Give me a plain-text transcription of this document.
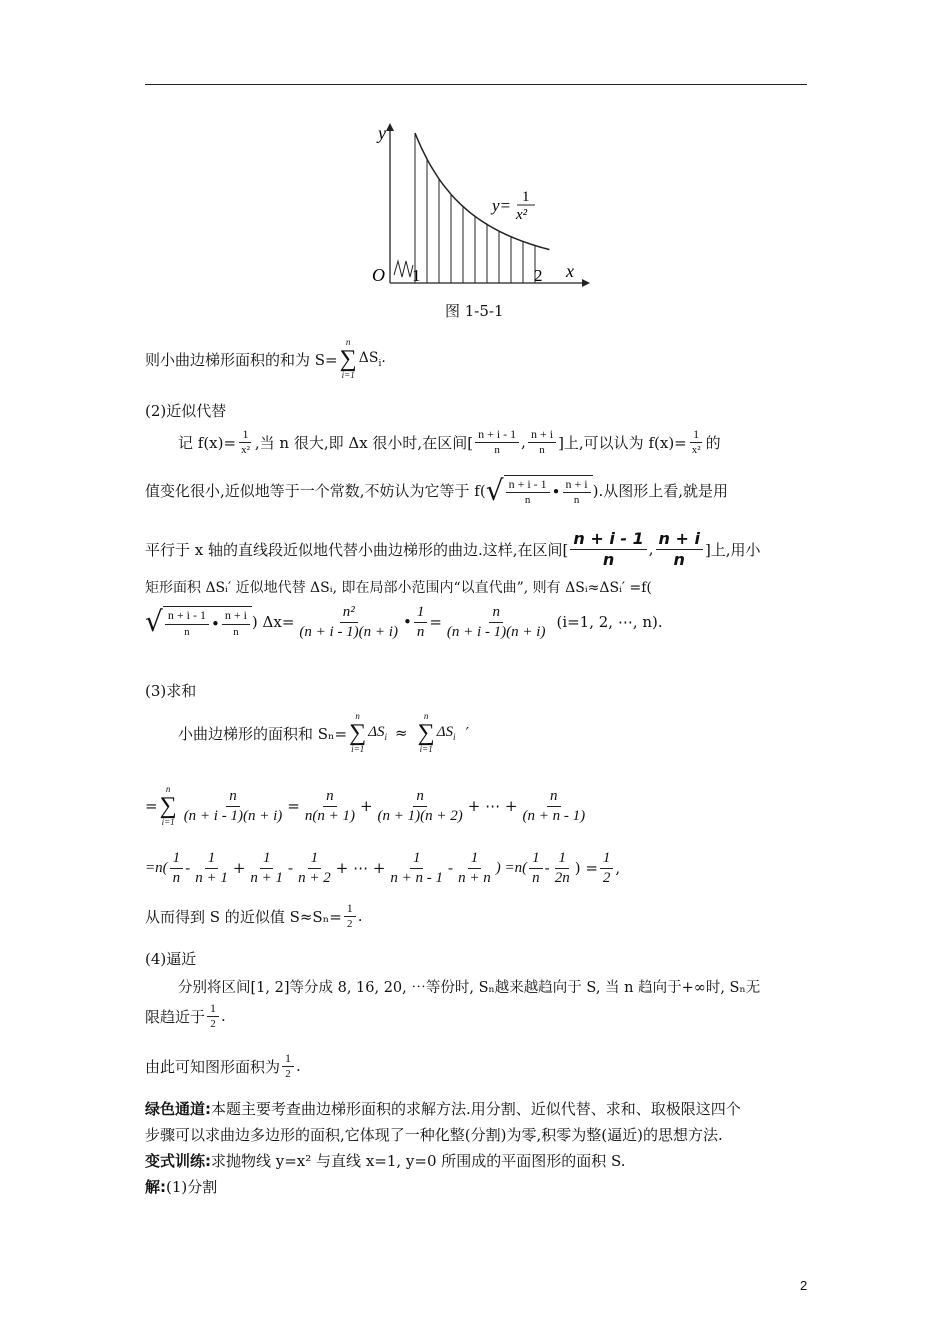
y
x
O 1	2
y= 1
x²
图 1-5-1
则小曲边梯形面积的和为 S=
n
∑
i=1
$\Delta S_i$.
(2)近似代替
记 $f(x)= \frac{1}{\text{x²}}$ ,当 n 很大,即 Δx 很小时,在区间[ $\frac{n + i - 1}{n}$ , $\frac{n + i}{n}$ ]上,可以认为 $f(x)= \frac{1}{\text{x²}}$ 的
值变化很小,近似地等于一个常数,不妨认为它等于 f( √ $\frac{n + i - 1}{n}$ • $\frac{n + i}{n}$ ).从图形上看,就是用
平行于 x 轴的直线段近似地代替小曲边梯形的曲边.这样,在区间[ $\frac{n + i - 1}{n}$ , $\frac{n + i}{n}$ ]上,用小
矩形面积 ΔSᵢ′ 近似地代替 ΔSᵢ, 即在局部小范围内“以直代曲”, 则有 ΔSᵢ≈ΔSᵢ′ =f(
√ $\frac{n + i - 1}{n}$ • $\frac{n + i}{n}$ ) $\Delta x= \frac{\text{n²}}{(n + i - 1)(n + i)}$ • $\frac{1}{n} = \frac{n}{(n + i - 1)(n + i)} (i=1$, 2, ⋯, n).
(3)求和
小曲边梯形的面积和 Sₙ=
n
∑
i=1
$\Delta S_i$ ≈
n
∑
i=1
$\Delta S_i$ ′
=
n
∑
$i=1 \frac{n}{(n + i - 1)(n + i)} = \frac{n}{n(n + 1)} + \frac{n}{(n + 1)(n + 2)}$ + ⋯ + $\frac{n}{(n + n - 1)}$
$=n( \frac{1}{n} - \frac{1}{n + 1} + \frac{1}{n + 1} - \frac{1}{n + 2}$ + ⋯ + $\frac{1}{n + n - 1} - \frac{1}{n + n}$ ) $=n( \frac{1}{n} - \frac{1}{2n}$ ) = $\frac{1}{2}$ ,
从而得到 S 的近似值 $S\approx S_n= \frac{1}{2}$ .
(4)逼近
分别将区间[1, 2]等分成 8, 16, 20, ⋯等份时, Sₙ越来越趋向于 S, 当 n 趋向于+∞时, Sₙ无
限趋近于 $\frac{1}{2}$ .
由此可知图形面积为 $\frac{1}{2}$ .
绿色通道:本题主要考查曲边梯形面积的求解方法.用分割、近似代替、求和、取极限这四个
步骤可以求曲边多边形的面积,它体现了一种化整(分割)为零,积零为整(逼近)的思想方法.
变式训练:求抛物线 y=x² 与直线 x=1, y=0 所围成的平面图形的面积 S.
解:(1)分割
2
